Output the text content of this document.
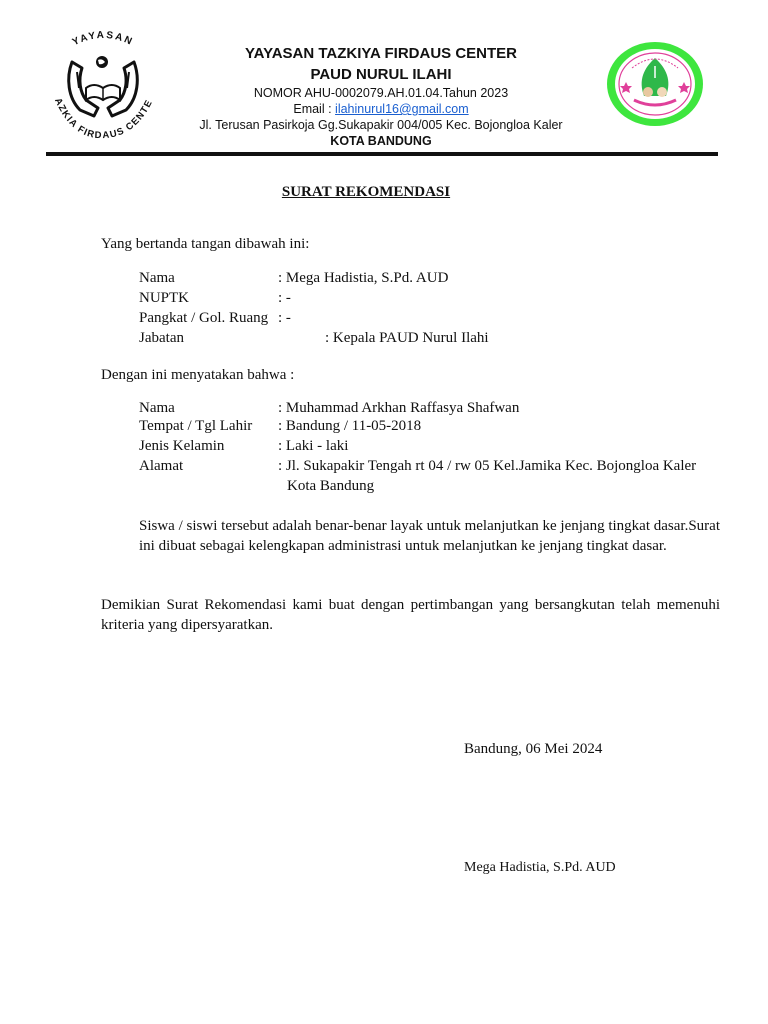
YAYASAN
AZKIA FIRDAUS CENTE
YAYASAN TAZKIYA FIRDAUS CENTER
PAUD NURUL ILAHI
NOMOR AHU-0002079.AH.01.04.Tahun 2023
Email : ilahinurul16@gmail.com
Jl. Terusan Pasirkoja Gg.Sukapakir 004/005 Kec. Bojongloa Kaler
KOTA BANDUNG
SURAT REKOMENDASI
Yang bertanda tangan dibawah ini:
Nama	: Mega Hadistia, S.Pd. AUD
NUPTK	: -
Pangkat / Gol. Ruang : -
Jabatan	: Kepala PAUD Nurul Ilahi
Dengan ini menyatakan bahwa :
Nama	: Muhammad Arkhan Raffasya Shafwan
Tempat / Tgl Lahir : Bandung / 11-05-2018
Jenis Kelamin	: Laki - laki
Alamat	: Jl. Sukapakir Tengah rt 04 / rw 05 Kel.Jamika Kec. Bojongloa Kaler
Kota Bandung
Siswa / siswi tersebut adalah benar-benar layak untuk melanjutkan ke jenjang tingkat dasar.Surat ini dibuat sebagai kelengkapan administrasi untuk melanjutkan ke jenjang tingkat dasar.
Demikian Surat Rekomendasi kami buat dengan pertimbangan yang bersangkutan telah memenuhi kriteria yang dipersyaratkan.
Bandung, 06 Mei 2024
Mega Hadistia, S.Pd. AUD
